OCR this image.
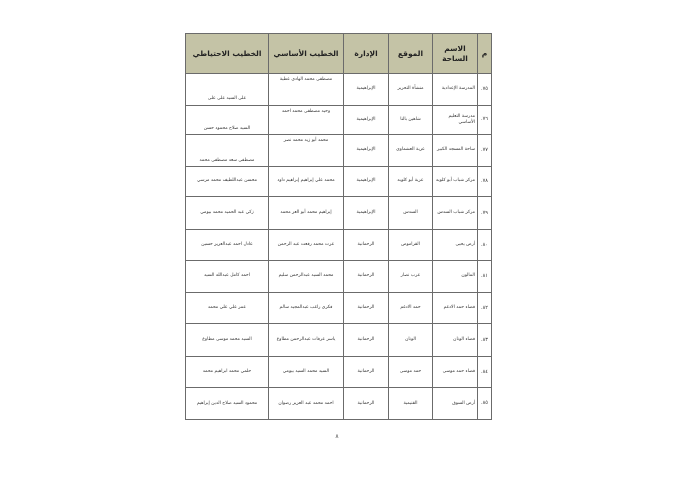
م	الاسم الساحة	الموقع	الإدارة	الخطيب الأساسي	الخطيب الاحتياطي
٧٥.	المدرسة الإعدادية	منشأة التحرير	الإبراهيمية	مصطفى محمد الهادي عطية	على السيد على على
٧٦.	مدرسة التعليم الأساسي	شاهين بالنا	الإبراهيمية	وحيد مصطفى محمد احمد	السيد صلاح محمود حسن
٧٧.	ساحة المسجد الكبير	عزبة العشماوي	الإبراهيمية	محمد أبو زيد محمد نصر	مصطفى سعد مصطفى محمد
٧٨.	مركز شباب أبو كلوبه	عزبة أبو كلوبه	الإبراهيمية	محمد علي إبراهيم إبراهيم داود	محسن عبداللطيف محمد مرسي
٧٩.	مركز شباب السدس	السدس	الإبراهيمية	إبراهيم محمد أبو العز محمد	زكي عبد الحميد محمد بيومي
٨٠.	أرض يحيى	القراموص	الرحمانية	عزت محمد رفعت عبد الرحمن	عادل احمد عبدالعزيز حسين
٨١.	المالون	عرب نصار	الرحمانية	محمد السيد عبدالرحمن سليم	احمد كامل عبدالله السيد
٨٢.	فضاء حمد الادغم	حمد الادغم	الرحمانية	فكري راغب عبدالمجيد سالم	عمر علي علي محمد
٨٣.	فضاء الونان	الونان	الرحمانية	ياسر عرفات عبدالرحمن مطاوع	السيد محمد موسى مطاوع
٨٤.	فضاء حمد موسى	حمد موسى	الرحمانية	السيد محمد السيد بيومي	حلمي محمد ابراهيم محمد
٨٥.	أرض السوق	القنيمية	الرحمانية	احمد محمد عبد العزيز رضوان	محمود السيد صلاح الدين إبراهيم
٨
